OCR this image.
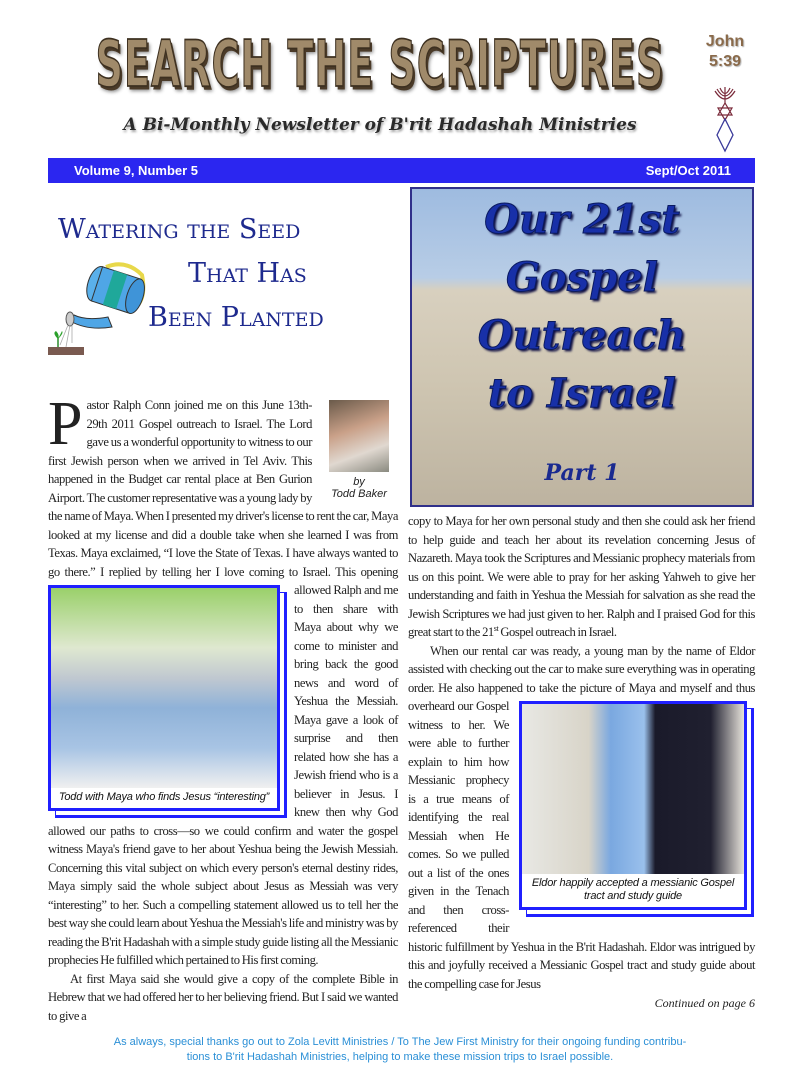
SEARCH THE SCRIPTURES
A Bi-Monthly Newsletter of B'rit Hadashah Ministries
John
5:39
Volume 9, Number 5	Sept/Oct 2011
Watering the Seed
That Has
Been Planted

by
Todd Baker
P astor Ralph Conn joined me on this June 13th-29th 2011 Gospel outreach to Israel. The Lord gave us a wonderful opportunity to witness to our first Jewish person when we arrived in Tel Aviv. This happened in the Budget car rental place at Ben Gurion Airport. The customer representative was a young lady by the name of Maya. When I presented my driver's license to rent the car, Maya looked at my license and did a double take when she learned I was from Texas. Maya exclaimed, “I love the State of Texas. I have always wanted to go there.” I replied by telling her I love coming to Israel. This opening allowed Ralph
Todd with Maya who finds Jesus “interesting”
and me to then share with Maya about why we come to minister and bring back the good news and word of Yeshua the Messiah. Maya gave a look of surprise and then related how she has a Jewish friend who is a believer in Jesus. I knew then why God allowed our paths to cross—so we could confirm and water the gospel witness Maya's friend gave to her about Yeshua being the Jewish Messiah. Concerning this vital subject on which every person's eternal destiny rides, Maya simply said the whole subject about Jesus as Messiah was very “interesting” to her. Such a compelling statement allowed us to tell her the best way she could learn about Yeshua the Messiah's life and ministry was by reading the B'rit Hadashah with a simple study guide listing all the Messianic prophecies He fulfilled which pertained to His first coming.

At first Maya said she would give a copy of the complete Bible in Hebrew that we had offered her to her believing friend. But I said we wanted to give a

Our 21st
Gospel
Outreach
to Israel
Part 1

copy to Maya for her own personal study and then she could ask her friend to help guide and teach her about its revelation concerning Jesus of Nazareth. Maya took the Scriptures and Messianic prophecy materials from us on this point. We were able to pray for her asking Yahweh to give her understanding and faith in Yeshua the Messiah for salvation as she read the Jewish Scriptures we had just given to her. Ralph and I praised God for this great start to the 21st Gospel outreach in Israel.

When our rental car was ready, a young man by the name of Eldor assisted with checking out the car to make sure everything was in operating order. He also happened to take the picture of Maya and myself and thus
Eldor happily accepted a messianic Gospel
tract and study guide
overheard our Gospel witness to her. We were able to further explain to him how Messianic prophecy is a true means of identifying the real Messiah when He comes. So we pulled out a list of the ones given in the Tenach and then cross-referenced their historic fulfillment by Yeshua in the B'rit Hadashah. Eldor was intrigued by this and joyfully received a Messianic Gospel tract and study guide about the compelling case for Jesus

Continued on page 6
As always, special thanks go out to Zola Levitt Ministries / To The Jew First Ministry for their ongoing funding contribu-
tions to B'rit Hadashah Ministries, helping to make these mission trips to Israel possible.
